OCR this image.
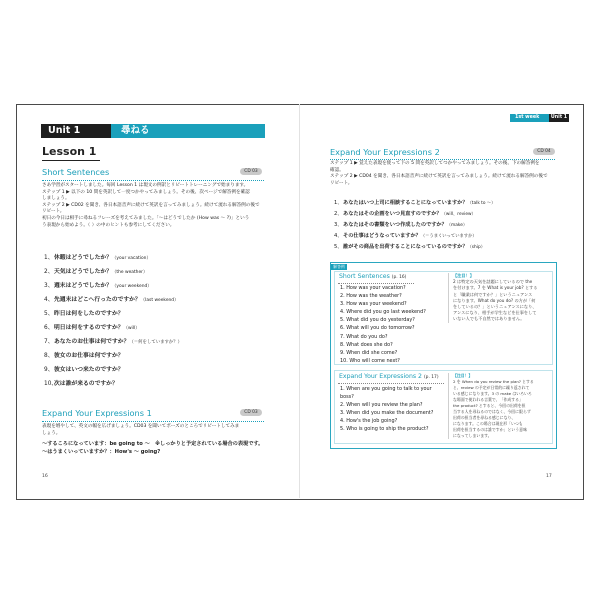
Unit 1	尋ねる
Lesson 1
Short Sentences	CD 03
さあ学習がスタートしました。毎回 Lesson 1 は現文の例訳とリピートトレーニングで始まります。
ステップ 1 ▶ 以下の 10 問を英訳して一度つかやってみましょう。その後、次ページで解答例を確認
しましょう。
ステップ 2 ▶ CD02 を聞き、各日本語音声に続けて英訳を言ってみましょう。続けて流れる解答例の後で
リピート。
初日の今日は相手に尋ねるフレーズを考えてみました。「～はどうでしたか (How was ～ ?)」という
う表現から始めよう。（ ）の中のヒントも参考にしてください。
1、休暇はどうでしたか？（your vacation）
2、天気はどうでしたか？（the weather）
3、週末はどうでしたか？（your weekend）
4、先週末はどこへ行ったのですか？（last weekend）
5、昨日は何をしたのですか？
6、明日は何をするのですか？（will）
7、あなたのお仕事は何ですか？（＝何をしていますか？）
8、彼女のお仕事は何ですか？
9、彼女はいつ来たのですか？
10、次は誰が来るのですか？
Expand Your Expressions 1	CD 03
表現を増やして、英文の幅を広げましょう。CD03 を聞いてポーズのところでリピートしてみま
しょう。
～するころになっています：be going to ～　※しっかりと予定されている場合の表現です。
～はうまくいっていますか？：How's ～ going?
16
1st week	Unit 1
Expand Your Expressions 2	CD 04
ステップ 1 ▶ 覚えた表現を使って下の 5 問を英訳してつかやってみましょう。その後、下の解答例を
確認。
ステップ 2 ▶ CD04 を聞き、各日本語音声に続けて英訳を言ってみましょう。続けて流れる解答例の後で
リピート。
1、あなたはいつ上司に相談することになっていますか？（talk to ～）
2、あなたはその企画をいつ見直すのですか？（will、review）
3、あなたはその書類をいつ作成したのですか？（make）
4、その仕事はどうなっていますか？（＝うまくいっていますか）
5、誰がその商品を出荷することになっているのですか？（ship）
解答例
Short Sentences (p. 16)
1. How was your vacation?
2. How was the weather?
3. How was your weekend?
4. Where did you go last weekend?
5. What did you do yesterday?
6. What will you do tomorrow?
7. What do you do?
8. What does she do?
9. When did she come?
10. Who will come next?
【注目！】
2 は特定の天気を話題にしているので the
を付けます。7 を What is your job? とする
と「職業は何ですか？」というニュアンス
になります。What do you do? の方が「何
をしているの？」というニュアンスになり、
アンスになり、相手が学生などを仕事をして
いない人でも不自然ではありません。
Expand Your Expressions 2 (p. 17)
1. When are you going to talk to your
boss?
2. When will you review the plan?
3. When did you make the document?
4. How's the job going?
5. Who is going to ship the product?
【注目！】
2 を When do you review the plan? とする
と、review の予定が日常的に繰り返されて
いる感じになります。3 の make はいろいろ
な場面で使われる言葉で、「作成する」
the product? とすると、今回の出荷を担
当する人を尋ねるのではなく、今回に限らず
出荷の担当者を尋ねる感じになり、
になります。この場合は現在形「いつも
出荷を担当するのは誰ですか」という意味
になってしまいます。
17
